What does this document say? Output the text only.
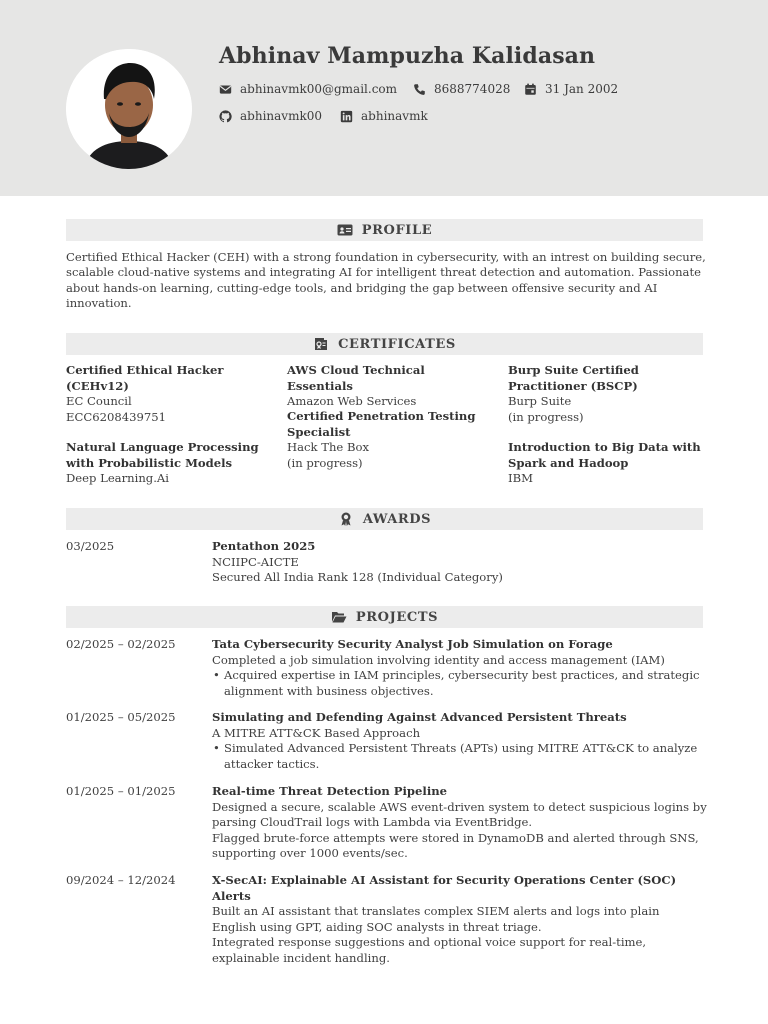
Abhinav Mampuzha Kalidasan
abhinavmk00@gmail.com	8688774028	31 Jan 2002
abhinavmk00	abhinavmk
PROFILE
Certified Ethical Hacker (CEH) with a strong foundation in cybersecurity, with an intrest on building secure, scalable cloud-native systems and integrating AI for intelligent threat detection and automation. Passionate about hands-on learning, cutting-edge tools, and bridging the gap between offensive security and AI innovation.
CERTIFICATES
Certified Ethical Hacker (CEHv12)
EC Council
ECC6208439751
Natural Language Processing with Probabilistic Models
Deep Learning.Ai
AWS Cloud Technical Essentials
Amazon Web Services
Certified Penetration Testing Specialist
Hack The Box
(in progress)
Burp Suite Certified Practitioner (BSCP)
Burp Suite
(in progress)
Introduction to Big Data with Spark and Hadoop
IBM
AWARDS
03/2025	Pentathon 2025
NCIIPC-AICTE
Secured All India Rank 128 (Individual Category)
PROJECTS
02/2025 – 02/2025	Tata Cybersecurity Security Analyst Job Simulation on Forage
Completed a job simulation involving identity and access management (IAM)
• Acquired expertise in IAM principles, cybersecurity best practices, and strategic alignment with business objectives.
01/2025 – 05/2025	Simulating and Defending Against Advanced Persistent Threats
A MITRE ATT&CK Based Approach
• Simulated Advanced Persistent Threats (APTs) using MITRE ATT&CK to analyze attacker tactics.
01/2025 – 01/2025	Real-time Threat Detection Pipeline
Designed a secure, scalable AWS event-driven system to detect suspicious logins by parsing CloudTrail logs with Lambda via EventBridge.
Flagged brute-force attempts were stored in DynamoDB and alerted through SNS, supporting over 1000 events/sec.
09/2024 – 12/2024	X-SecAI: Explainable AI Assistant for Security Operations Center (SOC) Alerts
Built an AI assistant that translates complex SIEM alerts and logs into plain English using GPT, aiding SOC analysts in threat triage.
Integrated response suggestions and optional voice support for real-time, explainable incident handling.
